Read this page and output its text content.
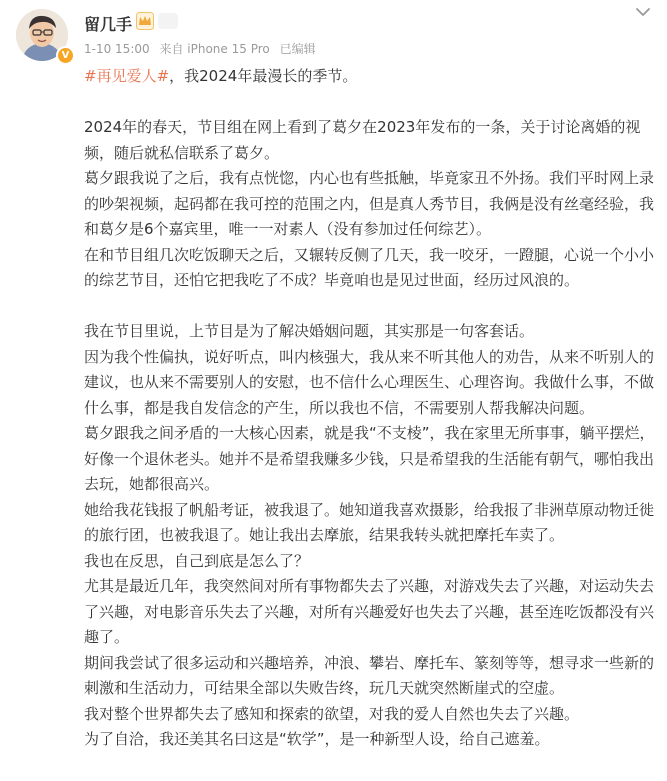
V
留几手
1-10 15:00 来自 iPhone 15 Pro 已编辑

#再见爱人#，我2024年最漫长的季节。

2024年的春天，节目组在网上看到了葛夕在2023年发布的一条，关于讨论离婚的视频，随后就私信联系了葛夕。

葛夕跟我说了之后，我有点恍惚，内心也有些抵触，毕竟家丑不外扬。我们平时网上录的吵架视频，起码都在我可控的范围之内，但是真人秀节目，我俩是没有丝毫经验，我和葛夕是6个嘉宾里，唯一一对素人（没有参加过任何综艺）。

在和节目组几次吃饭聊天之后，又辗转反侧了几天，我一咬牙，一蹬腿，心说一个小小的综艺节目，还怕它把我吃了不成？毕竟咱也是见过世面，经历过风浪的。

我在节目里说，上节目是为了解决婚姻问题，其实那是一句客套话。

因为我个性偏执，说好听点，叫内核强大，我从来不听其他人的劝告，从来不听别人的建议，也从来不需要别人的安慰，也不信什么心理医生、心理咨询。我做什么事，不做什么事，都是我自发信念的产生，所以我也不信，不需要别人帮我解决问题。

葛夕跟我之间矛盾的一大核心因素，就是我“不支棱”，我在家里无所事事，躺平摆烂，好像一个退休老头。她并不是希望我赚多少钱，只是希望我的生活能有朝气，哪怕我出去玩，她都很高兴。

她给我花钱报了帆船考证，被我退了。她知道我喜欢摄影，给我报了非洲草原动物迁徙的旅行团，也被我退了。她让我出去摩旅，结果我转头就把摩托车卖了。

我也在反思，自己到底是怎么了？

尤其是最近几年，我突然间对所有事物都失去了兴趣，对游戏失去了兴趣，对运动失去了兴趣，对电影音乐失去了兴趣，对所有兴趣爱好也失去了兴趣，甚至连吃饭都没有兴趣了。

期间我尝试了很多运动和兴趣培养，冲浪、攀岩、摩托车、篆刻等等，想寻求一些新的刺激和生活动力，可结果全部以失败告终，玩几天就突然断崖式的空虚。

我对整个世界都失去了感知和探索的欲望，对我的爱人自然也失去了兴趣。

为了自洽，我还美其名曰这是“软学”，是一种新型人设，给自己遮羞。
